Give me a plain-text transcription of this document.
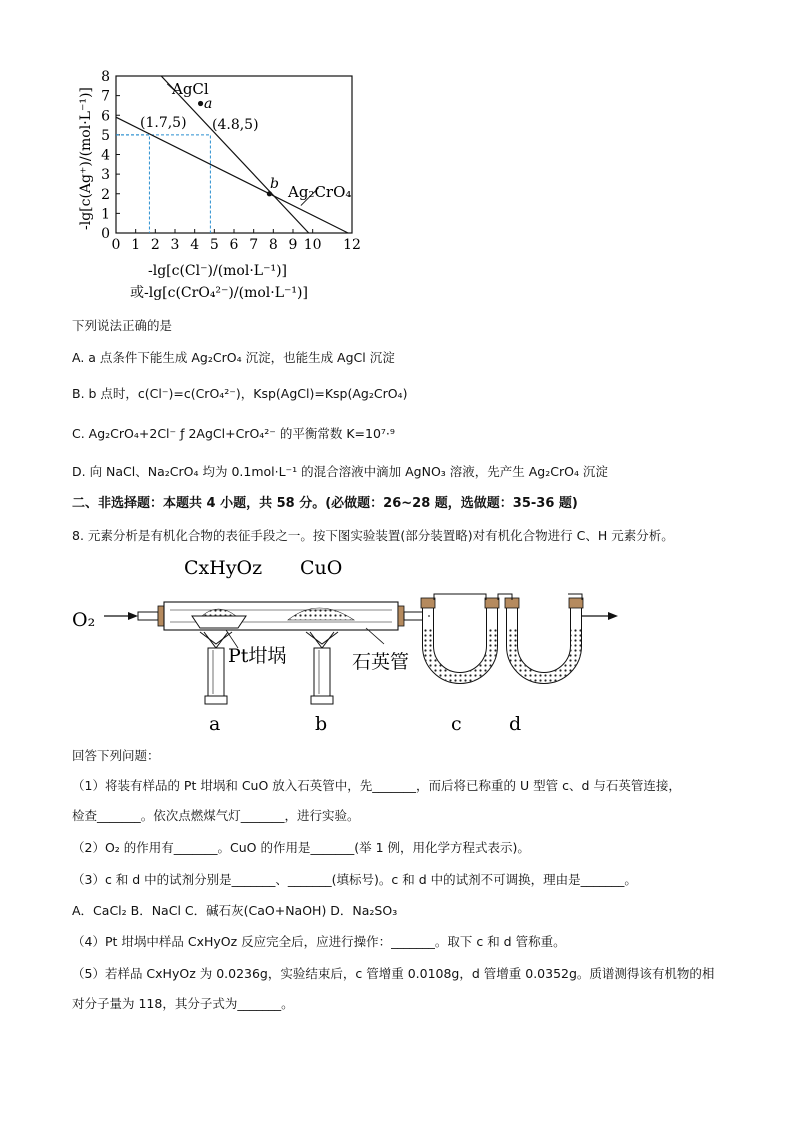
0 1 2 3 4 5 6 7 8 9 10 12
0
1
2
3
4
5
6
7
8
AgCl
Ag₂CrO₄
(1.7,5) (4.8,5)
a
b
-lg[c(Ag⁺)/(mol·L⁻¹)]
-lg[c(Cl⁻)/(mol·L⁻¹)]
或-lg[c(CrO₄²⁻)/(mol·L⁻¹)]
下列说法正确的是
A. a 点条件下能生成 Ag₂CrO₄ 沉淀，也能生成 AgCl 沉淀
B. b 点时，c(Cl⁻)=c(CrO₄²⁻)，Ksp(AgCl)=Ksp(Ag₂CrO₄)
C. Ag₂CrO₄+2Cl⁻ ƒ 2AgCl+CrO₄²⁻ 的平衡常数 K=10⁷·⁹
D. 向 NaCl、Na₂CrO₄ 均为 0.1mol·L⁻¹ 的混合溶液中滴加 AgNO₃ 溶液，先产生 Ag₂CrO₄ 沉淀
二、非选择题：本题共 4 小题，共 58 分。(必做题：26~28 题，选做题：35-36 题)
8. 元素分析是有机化合物的表征手段之一。按下图实验装置(部分装置略)对有机化合物进行 C、H 元素分析。
CxHyOz CuO
O₂
Pt坩埚	石英管
a	b	c d
回答下列问题：
（1）将装有样品的 Pt 坩埚和 CuO 放入石英管中，先_______，而后将已称重的 U 型管 c、d 与石英管连接，
检查_______。依次点燃煤气灯_______，进行实验。
（2）O₂ 的作用有_______。CuO 的作用是_______(举 1 例，用化学方程式表示)。
（3）c 和 d 中的试剂分别是_______、_______(填标号)。c 和 d 中的试剂不可调换，理由是_______。
A．CaCl₂ B．NaCl C．碱石灰(CaO+NaOH) D．Na₂SO₃
（4）Pt 坩埚中样品 CxHyOz 反应完全后，应进行操作：_______。取下 c 和 d 管称重。
（5）若样品 CxHyOz 为 0.0236g，实验结束后，c 管增重 0.0108g，d 管增重 0.0352g。质谱测得该有机物的相
对分子量为 118，其分子式为_______。
